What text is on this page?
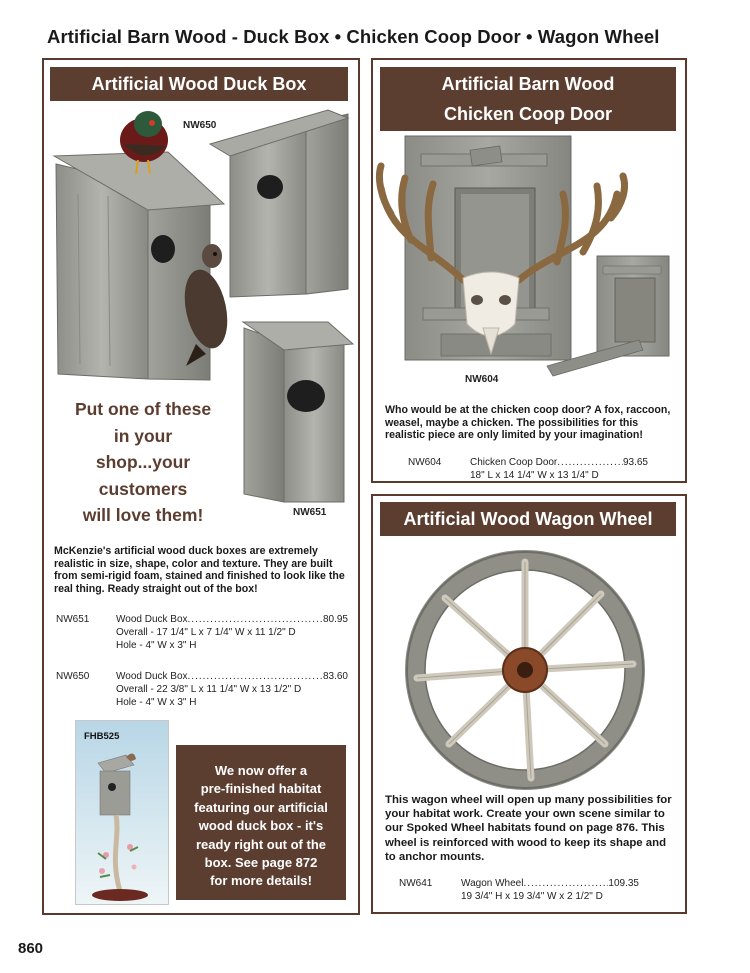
Artificial Barn Wood - Duck Box • Chicken Coop Door • Wagon Wheel
Artificial Wood Duck Box	Artificial Barn Wood
Chicken Coop Door
Artificial Wood Wagon Wheel
NW650
NW651
Put one of these
in your
shop...your
customers
will love them!
McKenzie's artificial wood duck boxes are extremely realistic in size, shape, color and texture. They are built from semi-rigid foam, stained and finished to look like the real thing. Ready straight out of the box!
NW651	Wood Duck Box .....	80.95
Overall - 17 1/4" L x 7 1/4" W x 11 1/2" D
Hole - 4" W x 3" H
NW650	Wood Duck Box .....	83.60
Overall - 22 3/8" L x 11 1/4" W x 13 1/2" D
Hole - 4" W x 3" H
FHB525
We now offer a
pre-finished habitat
featuring our artificial
wood duck box - it's
ready right out of the
box. See page 872
for more details!
NW604
Who would be at the chicken coop door? A fox, raccoon, weasel, maybe a chicken. The possibilities for this realistic piece are only limited by your imagination!
NW604	Chicken Coop Door .....	93.65
18" L x 14 1/4" W x 13 1/4" D
This wagon wheel will open up many possibilities for your habitat work. Create your own scene similar to our Spoked Wheel habitats found on page 876. This wheel is reinforced with wood to keep its shape and to anchor mounts.
NW641	Wagon Wheel .....	109.35
19 3/4" H x 19 3/4" W x 2 1/2" D
860
